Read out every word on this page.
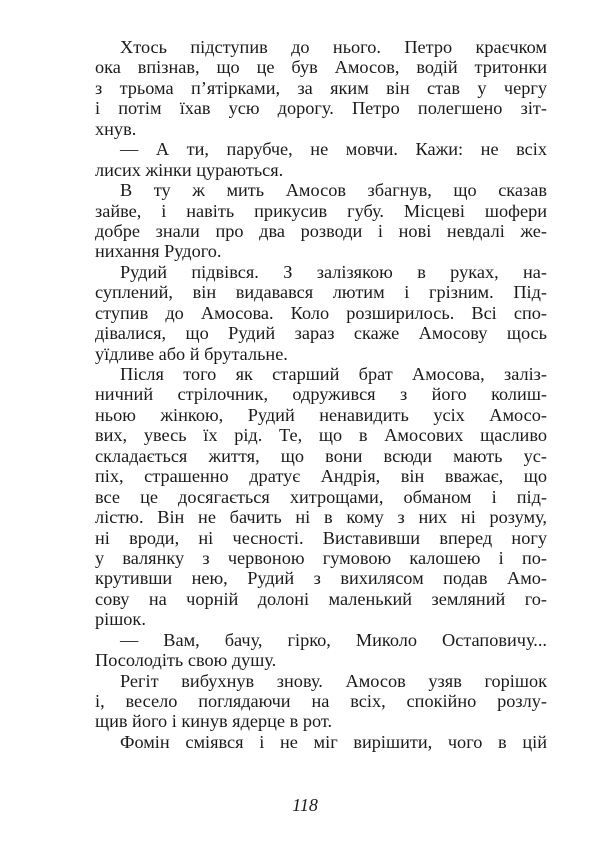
Хтось підступив до нього. Петро краєчком
ока впізнав, що це був Амосов, водій тритонки
з трьома п’ятірками, за яким він став у чергу
і потім їхав усю дорогу. Петро полегшено зіт-
хнув.
— А ти, парубче, не мовчи. Кажи: не всіх
лисих жінки цураються.
В ту ж мить Амосов збагнув, що сказав
зайве, і навіть прикусив губу. Місцеві шофери
добре знали про два розводи і нові невдалі же-
нихання Рудого.
Рудий підвівся. З залізякою в руках, на-
суплений, він видавався лютим і грізним. Під-
ступив до Амосова. Коло розширилось. Всі спо-
дівалися, що Рудий зараз скаже Амосову щось
уїдливе або й брутальне.
Після того як старший брат Амосова, заліз-
ничний стрілочник, одружився з його колиш-
ньою жінкою, Рудий ненавидить усіх Амосо-
вих, увесь їх рід. Те, що в Амосових щасливо
складається життя, що вони всюди мають ус-
піх, страшенно дратує Андрія, він вважає, що
все це досягається хитрощами, обманом і під-
лістю. Він не бачить ні в кому з них ні розуму,
ні вроди, ні чесності. Виставивши вперед ногу
у валянку з червоною гумовою калошею і по-
крутивши нею, Рудий з вихилясом подав Амо-
сову на чорній долоні маленький земляний го-
рішок.
— Вам, бачу, гірко, Миколо Остаповичу...
Посолодіть свою душу.
Регіт вибухнув знову. Амосов узяв горішок
і, весело поглядаючи на всіх, спокійно розлу-
щив його і кинув ядерце в рот.
Фомін сміявся і не міг вирішити, чого в цій
118
